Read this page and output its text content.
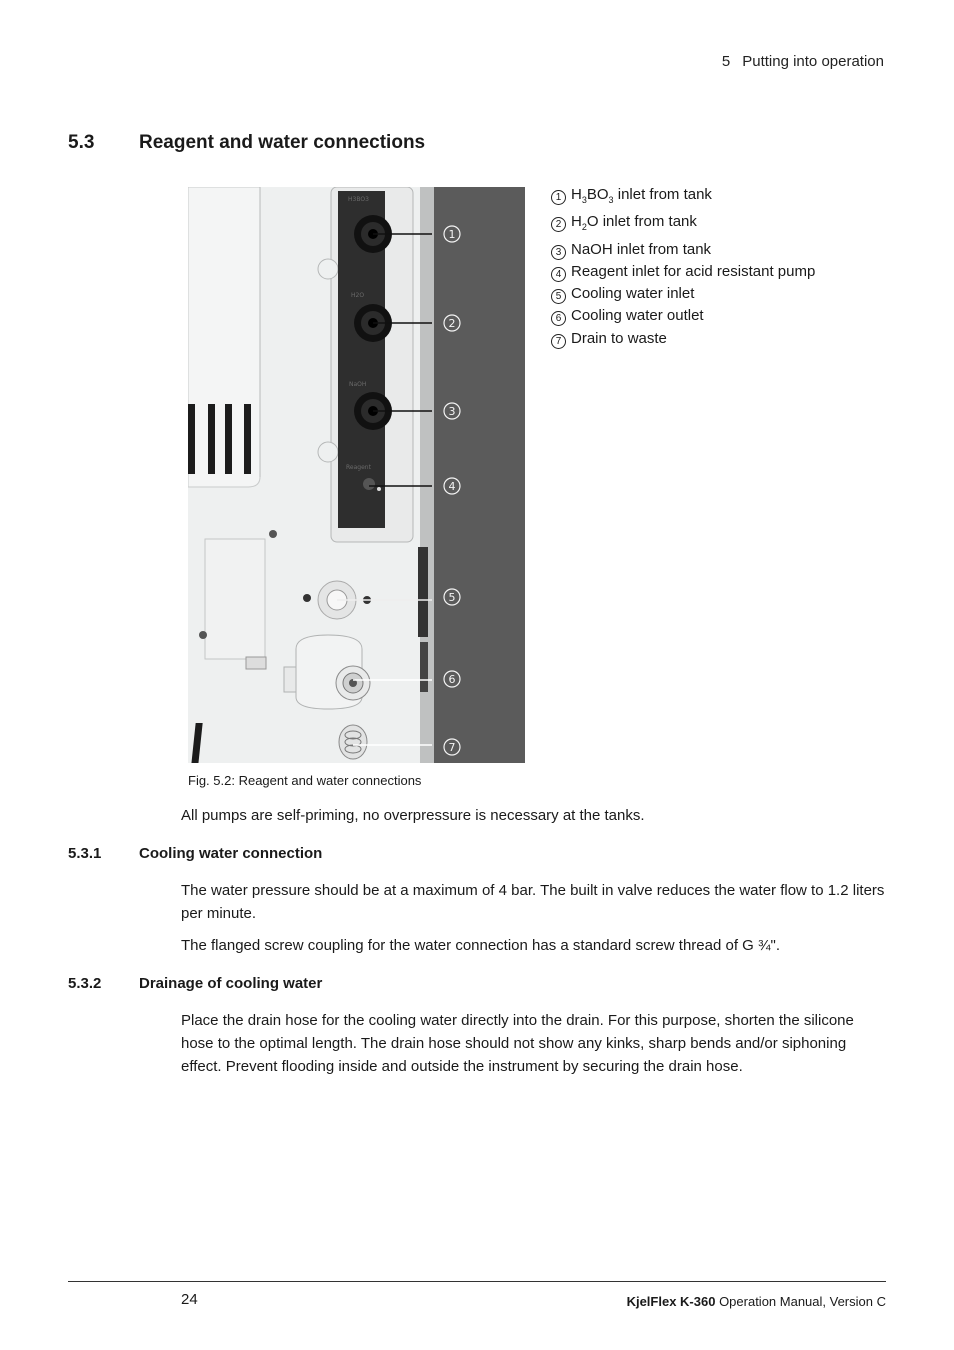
5 Putting into operation
5.3 Reagent and water connections
H3BO3
H2O
NaOH
Reagent
1
2
3
4
5
6
7
Fig. 5.2: Reagent and water connections
1 $H_3BO_3$ inlet from tank
2 $H_2O$ inlet from tank
3 NaOH inlet from tank
4 Reagent inlet for acid resistant pump
5 Cooling water inlet
6 Cooling water outlet
7 Drain to waste
All pumps are self-priming, no overpressure is necessary at the tanks.
5.3.1	Cooling water connection
The water pressure should be at a maximum of 4 bar. The built in valve reduces the water flow to 1.2 liters per minute.
The flanged screw coupling for the water connection has a standard screw thread of G ¾".
5.3.2	Drainage of cooling water
Place the drain hose for the cooling water directly into the drain. For this purpose, shorten the silicone hose to the optimal length. The drain hose should not show any kinks, sharp bends and/or siphoning effect. Prevent flooding inside and outside the instrument by securing the drain hose.
24	KjelFlex K-360 Operation Manual, Version C
